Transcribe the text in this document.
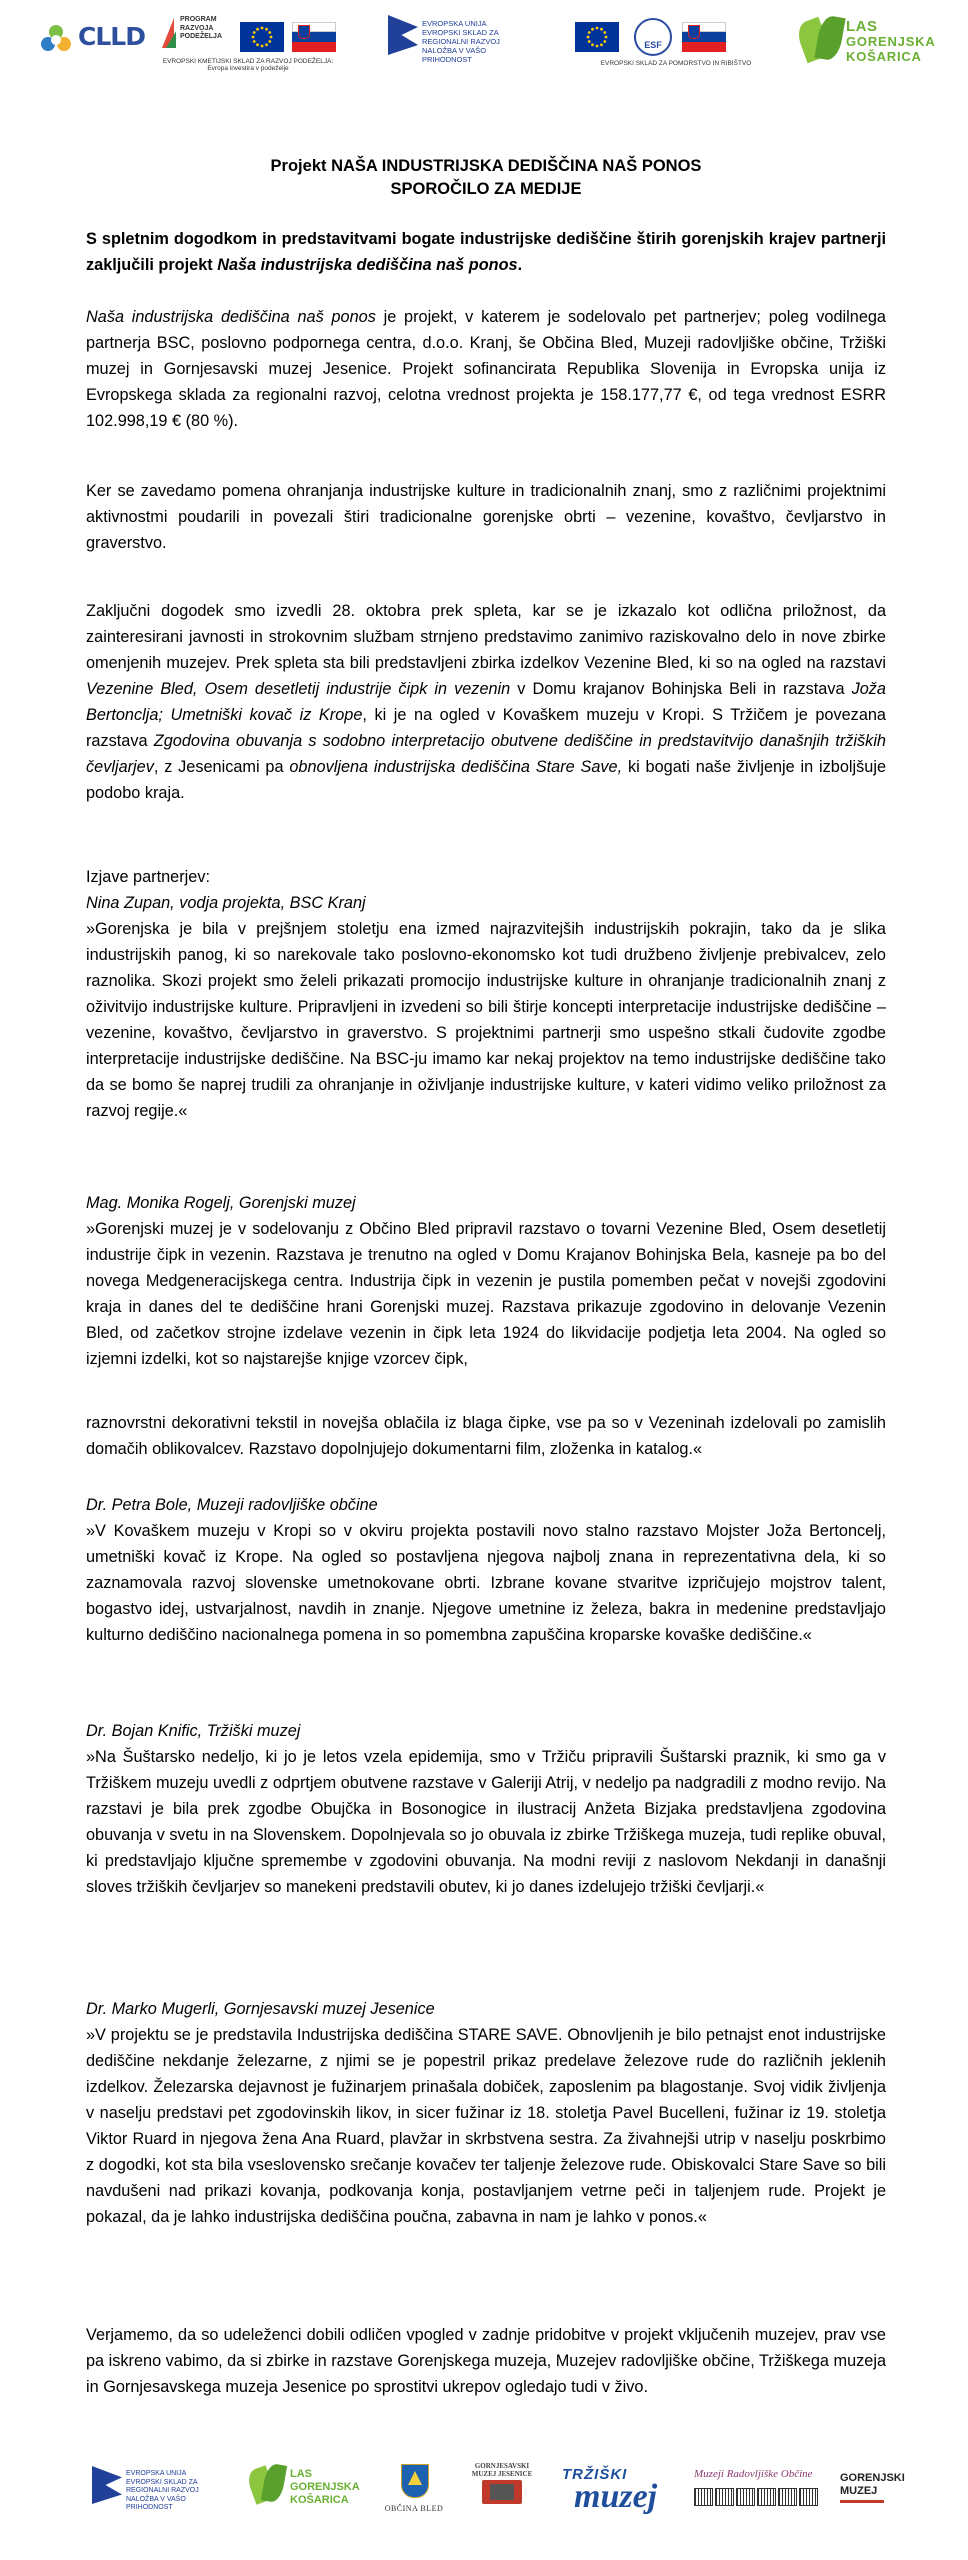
CLLD
PROGRAM
RAZVOJA
PODEŽELJA
EVROPSKI KMETIJSKI SKLAD ZA RAZVOJ PODEŽELJA:
Evropa investira v podeželje
EVROPSKA UNIJA
EVROPSKI SKLAD ZA
REGIONALNI RAZVOJ
NALOŽBA V VAŠO PRIHODNOST
ESF
EVROPSKI SKLAD ZA POMORSTVO IN RIBIŠTVO
LAS
GORENJSKA
KOŠARICA

Projekt NAŠA INDUSTRIJSKA DEDIŠČINA NAŠ PONOS

SPOROČILO ZA MEDIJE

S spletnim dogodkom in predstavitvami bogate industrijske dediščine štirih gorenjskih krajev partnerji zaključili projekt Naša industrijska dediščina naš ponos.

Naša industrijska dediščina naš ponos je projekt, v katerem je sodelovalo pet partnerjev; poleg vodilnega partnerja BSC, poslovno podpornega centra, d.o.o. Kranj, še Občina Bled, Muzeji radovljiške občine, Tržiški muzej in Gornjesavski muzej Jesenice. Projekt sofinancirata Republika Slovenija in Evropska unija iz Evropskega sklada za regionalni razvoj, celotna vrednost projekta je 158.177,77 €, od tega vrednost ESRR 102.998,19 € (80 %).

Ker se zavedamo pomena ohranjanja industrijske kulture in tradicionalnih znanj, smo z različnimi projektnimi aktivnostmi poudarili in povezali štiri tradicionalne gorenjske obrti – vezenine, kovaštvo, čevljarstvo in graverstvo.

Zaključni dogodek smo izvedli 28. oktobra prek spleta, kar se je izkazalo kot odlična priložnost, da zainteresirani javnosti in strokovnim službam strnjeno predstavimo zanimivo raziskovalno delo in nove zbirke omenjenih muzejev. Prek spleta sta bili predstavljeni zbirka izdelkov Vezenine Bled, ki so na ogled na razstavi Vezenine Bled, Osem desetletij industrije čipk in vezenin v Domu krajanov Bohinjska Beli in razstava Joža Bertonclja; Umetniški kovač iz Krope, ki je na ogled v Kovaškem muzeju v Kropi. S Tržičem je povezana razstava Zgodovina obuvanja s sodobno interpretacijo obutvene dediščine in predstavitvijo današnjih tržiških čevljarjev, z Jesenicami pa obnovljena industrijska dediščina Stare Save, ki bogati naše življenje in izboljšuje podobo kraja.

Izjave partnerjev:

Nina Zupan, vodja projekta, BSC Kranj

»Gorenjska je bila v prejšnjem stoletju ena izmed najrazvitejših industrijskih pokrajin, tako da je slika industrijskih panog, ki so narekovale tako poslovno-ekonomsko kot tudi družbeno življenje prebivalcev, zelo raznolika. Skozi projekt smo želeli prikazati promocijo industrijske kulture in ohranjanje tradicionalnih znanj z oživitvijo industrijske kulture. Pripravljeni in izvedeni so bili štirje koncepti interpretacije industrijske dediščine – vezenine, kovaštvo, čevljarstvo in graverstvo. S projektnimi partnerji smo uspešno stkali čudovite zgodbe interpretacije industrijske dediščine. Na BSC-ju imamo kar nekaj projektov na temo industrijske dediščine tako da se bomo še naprej trudili za ohranjanje in oživljanje industrijske kulture, v kateri vidimo veliko priložnost za razvoj regije.«

Mag. Monika Rogelj, Gorenjski muzej

»Gorenjski muzej je v sodelovanju z Občino Bled pripravil razstavo o tovarni Vezenine Bled, Osem desetletij industrije čipk in vezenin. Razstava je trenutno na ogled v Domu Krajanov Bohinjska Bela, kasneje pa bo del novega Medgeneracijskega centra. Industrija čipk in vezenin je pustila pomemben pečat v novejši zgodovini kraja in danes del te dediščine hrani Gorenjski muzej. Razstava prikazuje zgodovino in delovanje Vezenin Bled, od začetkov strojne izdelave vezenin in čipk leta 1924 do likvidacije podjetja leta 2004. Na ogled so izjemni izdelki, kot so najstarejše knjige vzorcev čipk,

raznovrstni dekorativni tekstil in novejša oblačila iz blaga čipke, vse pa so v Vezeninah izdelovali po zamislih domačih oblikovalcev. Razstavo dopolnjujejo dokumentarni film, zloženka in katalog.«

Dr. Petra Bole, Muzeji radovljiške občine

»V Kovaškem muzeju v Kropi so v okviru projekta postavili novo stalno razstavo Mojster Joža Bertoncelj, umetniški kovač iz Krope. Na ogled so postavljena njegova najbolj znana in reprezentativna dela, ki so zaznamovala razvoj slovenske umetnokovane obrti. Izbrane kovane stvaritve izpričujejo mojstrov talent, bogastvo idej, ustvarjalnost, navdih in znanje. Njegove umetnine iz železa, bakra in medenine predstavljajo kulturno dediščino nacionalnega pomena in so pomembna zapuščina kroparske kovaške dediščine.«

Dr. Bojan Knific, Tržiški muzej

»Na Šuštarsko nedeljo, ki jo je letos vzela epidemija, smo v Tržiču pripravili Šuštarski praznik, ki smo ga v Tržiškem muzeju uvedli z odprtjem obutvene razstave v Galeriji Atrij, v nedeljo pa nadgradili z modno revijo. Na razstavi je bila prek zgodbe Obujčka in Bosonogice in ilustracij Anžeta Bizjaka predstavljena zgodovina obuvanja v svetu in na Slovenskem. Dopolnjevala so jo obuvala iz zbirke Tržiškega muzeja, tudi replike obuval, ki predstavljajo ključne spremembe v zgodovini obuvanja. Na modni reviji z naslovom Nekdanji in današnji sloves tržiških čevljarjev so manekeni predstavili obutev, ki jo danes izdelujejo tržiški čevljarji.«

Dr. Marko Mugerli, Gornjesavski muzej Jesenice

»V projektu se je predstavila Industrijska dediščina STARE SAVE. Obnovljenih je bilo petnajst enot industrijske dediščine nekdanje železarne, z njimi se je popestril prikaz predelave železove rude do različnih jeklenih izdelkov. Železarska dejavnost je fužinarjem prinašala dobiček, zaposlenim pa blagostanje. Svoj vidik življenja v naselju predstavi pet zgodovinskih likov, in sicer fužinar iz 18. stoletja Pavel Bucelleni, fužinar iz 19. stoletja Viktor Ruard in njegova žena Ana Ruard, plavžar in skrbstvena sestra. Za živahnejši utrip v naselju poskrbimo z dogodki, kot sta bila vseslovensko srečanje kovačev ter taljenje železove rude. Obiskovalci Stare Save so bili navdušeni nad prikazi kovanja, podkovanja konja, postavljanjem vetrne peči in taljenjem rude. Projekt je pokazal, da je lahko industrijska dediščina poučna, zabavna in nam je lahko v ponos.«

Verjamemo, da so udeleženci dobili odličen vpogled v zadnje pridobitve v projekt vključenih muzejev, prav vse pa iskreno vabimo, da si zbirke in razstave Gorenjskega muzeja, Muzejev radovljiške občine, Tržiškega muzeja in Gornjesavskega muzeja Jesenice po sprostitvi ukrepov ogledajo tudi v živo.

EVROPSKA UNIJA
EVROPSKI SKLAD ZA
REGIONALNI RAZVOJ
NALOŽBA V VAŠO PRIHODNOST
LAS
GORENJSKA
KOŠARICA
OBČINA BLED
GORNJESAVSKI
MUZEJ JESENICE	TRŽIŠKI
muzej
Muzeji Radovljiške Občine GORENJSKI
MUZEJ
